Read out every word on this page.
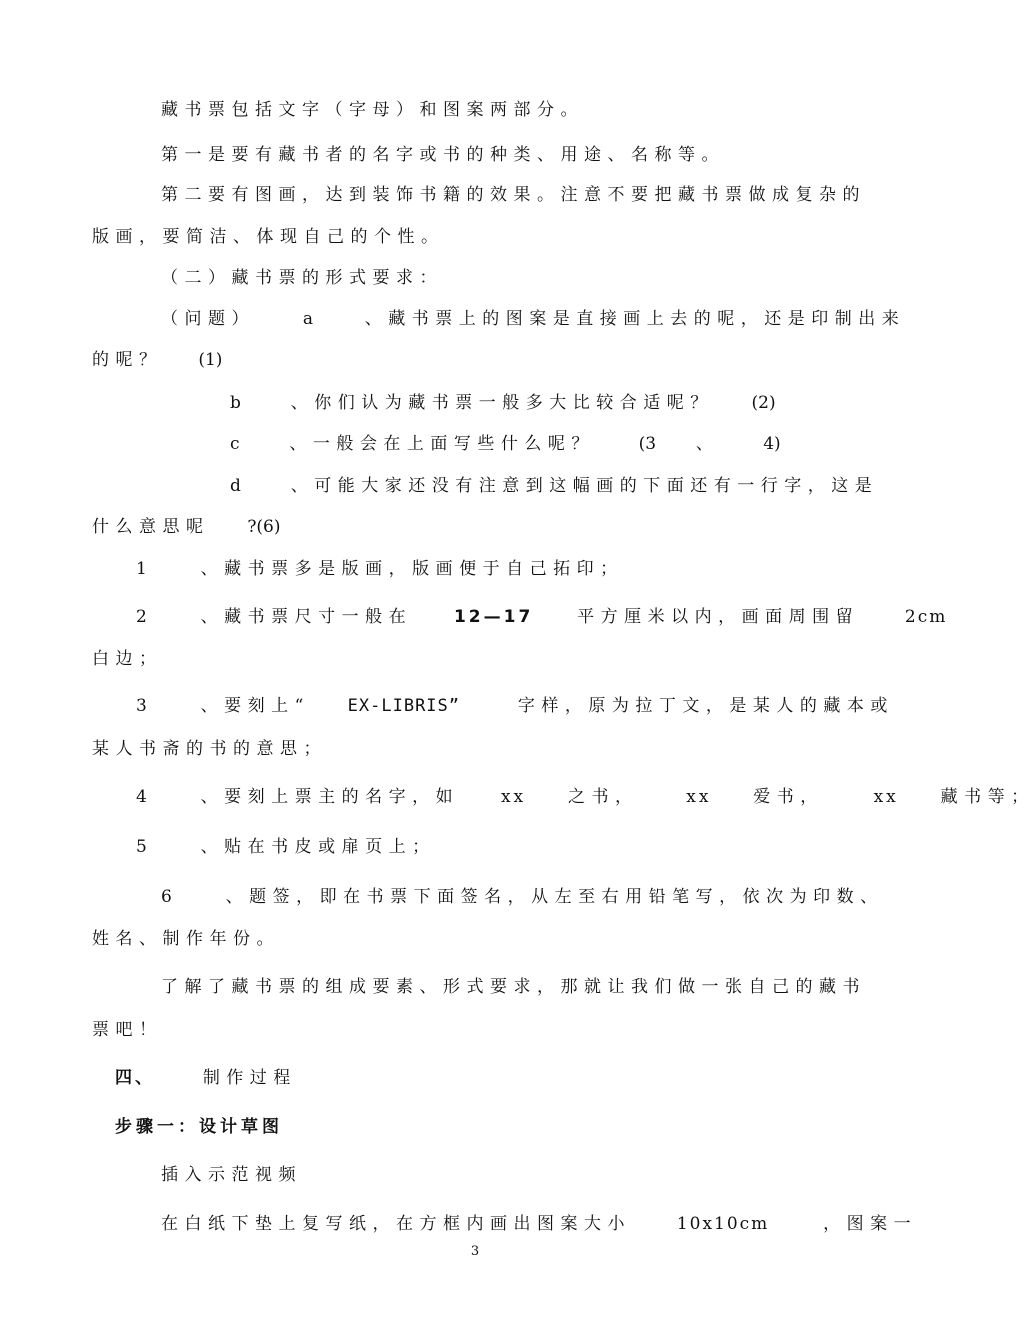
藏书票包括文字（字母）和图案两部分。
第一是要有藏书者的名字或书的种类、用途、名称等。
第二要有图画，达到装饰书籍的效果。注意不要把藏书票做成复杂的
版画，要简洁、体现自己的个性。
（二）藏书票的形式要求：
（问题）	a	、藏书票上的图案是直接画上去的呢，还是印制出来
的呢？ (1)
b	、你们认为藏书票一般多大比较合适呢？ (2)
c	、一般会在上面写些什么呢？	(3 、	4)
d	、可能大家还没有注意到这幅画的下面还有一行字，这是
什么意思呢 ?(6)
1	、藏书票多是版画，版画便于自己拓印；
2	、藏书票尺寸一般在 12—17	平方厘米以内，画面周围留	2cm
白边；
3	、要刻上“ EX-LIBRIS”	字样，原为拉丁文，是某人的藏本或
某人书斋的书的意思；
4	、要刻上票主的名字，如 xx 之书，	xx 爱书，	xx 藏书等；
5	、贴在书皮或扉页上；
6	、题签，即在书票下面签名，从左至右用铅笔写，依次为印数、
姓名、制作年份。
了解了藏书票的组成要素、形式要求，那就让我们做一张自己的藏书
票吧！
四、	制作过程
步骤一：设计草图
插入示范视频
在白纸下垫上复写纸，在方框内画出图案大小	10x10cm	，图案一
3
